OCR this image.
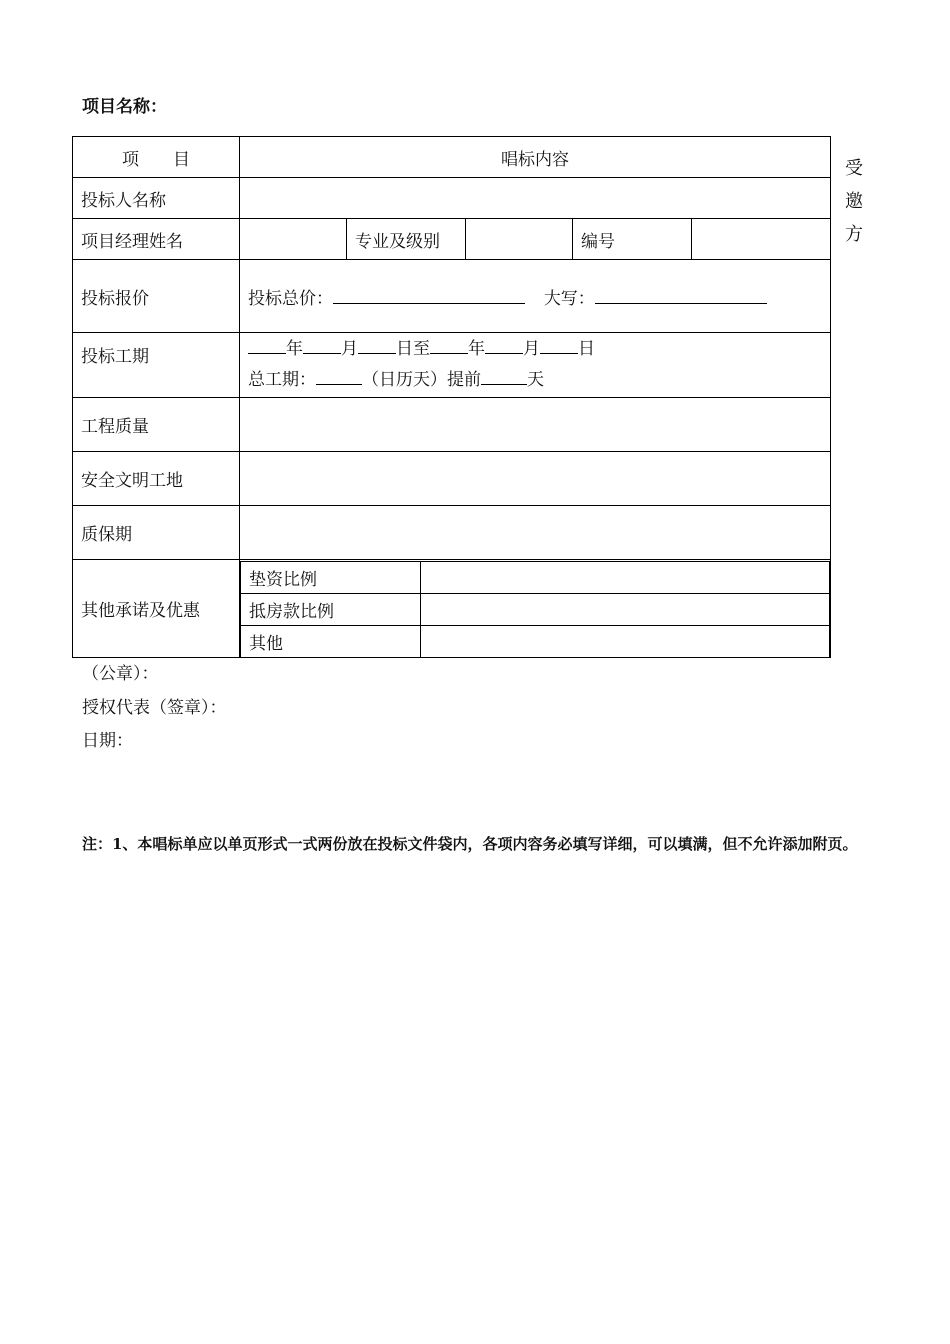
项目名称：
项　　目	唱标内容
投标人名称	
项目经理姓名		专业及级别		编号	
投标报价	投标总价：	大写：
投标工期	年 月 日至 年 月 日
总工期：	（日历天）提前	天

工程质量	
安全文明工地	
质保期	
其他承诺及优惠	
垫资比例	
抵房款比例	
其他	
受
邀
方
（公章）：
授权代表（签章）：
日期：
注：1、本唱标单应以单页形式一式两份放在投标文件袋内，各项内容务必填写详细，可以填满，但不允许添加附页。
